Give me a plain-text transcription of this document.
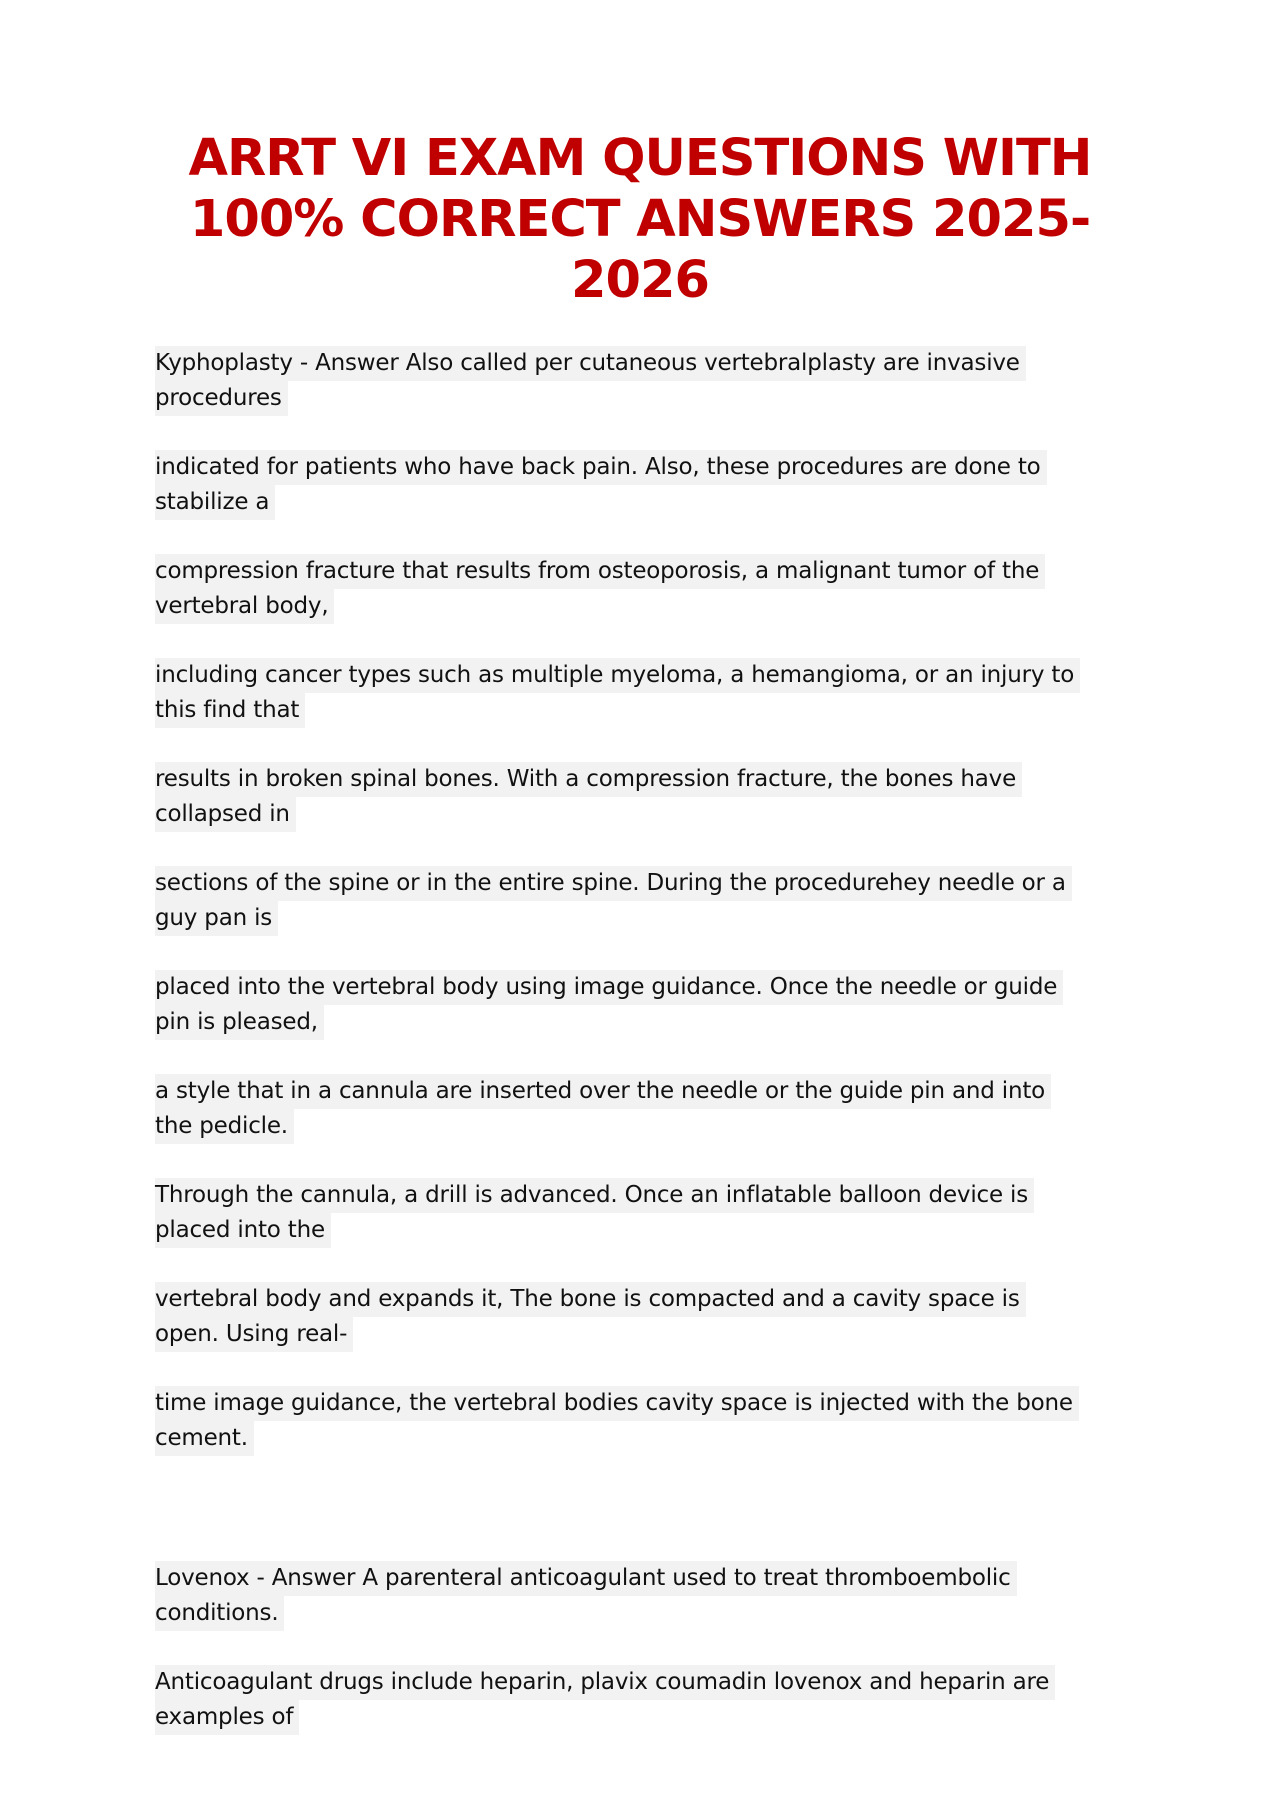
ARRT VI EXAM QUESTIONS WITH
100% CORRECT ANSWERS 2025-
2026

Kyphoplasty - Answer Also called per cutaneous vertebralplasty are invasive
procedures

indicated for patients who have back pain. Also, these procedures are done to
stabilize a

compression fracture that results from osteoporosis, a malignant tumor of the
vertebral body,

including cancer types such as multiple myeloma, a hemangioma, or an injury to
this find that

results in broken spinal bones. With a compression fracture, the bones have
collapsed in

sections of the spine or in the entire spine. During the procedurehey needle or a
guy pan is

placed into the vertebral body using image guidance. Once the needle or guide
pin is pleased,

a style that in a cannula are inserted over the needle or the guide pin and into
the pedicle.

Through the cannula, a drill is advanced. Once an inflatable balloon device is
placed into the

vertebral body and expands it, The bone is compacted and a cavity space is
open. Using real-

time image guidance, the vertebral bodies cavity space is injected with the bone
cement.

Lovenox - Answer A parenteral anticoagulant used to treat thromboembolic
conditions.

Anticoagulant drugs include heparin, plavix coumadin lovenox and heparin are
examples of
